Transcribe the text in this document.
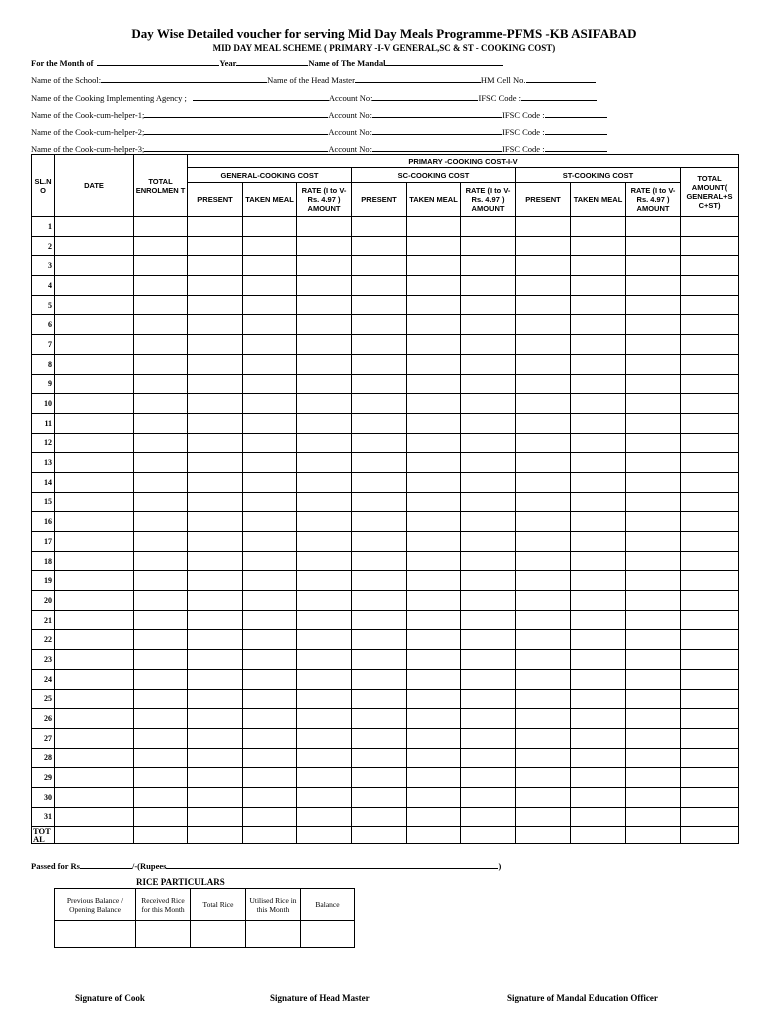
Day Wise Detailed voucher for serving Mid Day Meals Programme-PFMS -KB ASIFABAD
MID DAY MEAL SCHEME ( PRIMARY -I-V GENERAL,SC & ST - COOKING COST)
For the Month of	Year	Name of The Mandal
Name of the School:	Name of the Head Master	HM Cell No.
Name of the Cooking Implementing Agency ;	Account No:	IFSC Code :
Name of the Cook-cum-helper-1;	Account No:	IFSC Code :
Name of the Cook-cum-helper-2;	Account No:	IFSC Code :
Name of the Cook-cum-helper-3;	Account No:	IFSC Code :
SL.N O	DATE	TOTAL ENROLMEN T	PRIMARY -COOKING COST-I-V									
			GENERAL-COOKING COST			SC-COOKING COST			ST-COOKING COST			TOTAL AMOUNT( GENERAL+S C+ST)
			PRESENT	TAKEN MEAL	RATE (I to V- Rs. 4.97 ) AMOUNT	PRESENT	TAKEN MEAL	RATE (I to V- Rs. 4.97 ) AMOUNT	PRESENT	TAKEN MEAL	RATE (I to V- Rs. 4.97 ) AMOUNT	
1												
2												
3												
4												
5												
6												
7												
8												
9												
10												
11												
12												
13												
14												
15												
16												
17												
18												
19												
20												
21												
22												
23												
24												
25												
26												
27												
28												
29												
30												
31												
TOTAL												
Passed for Rs	/-(Rupees	)
RICE PARTICULARS
Previous Balance / Opening Balance	Received Rice for this Month	Total Rice	Utilised Rice in this Month	Balance

Signature of Cook	Signature of Head Master	Signature of Mandal Education Officer
